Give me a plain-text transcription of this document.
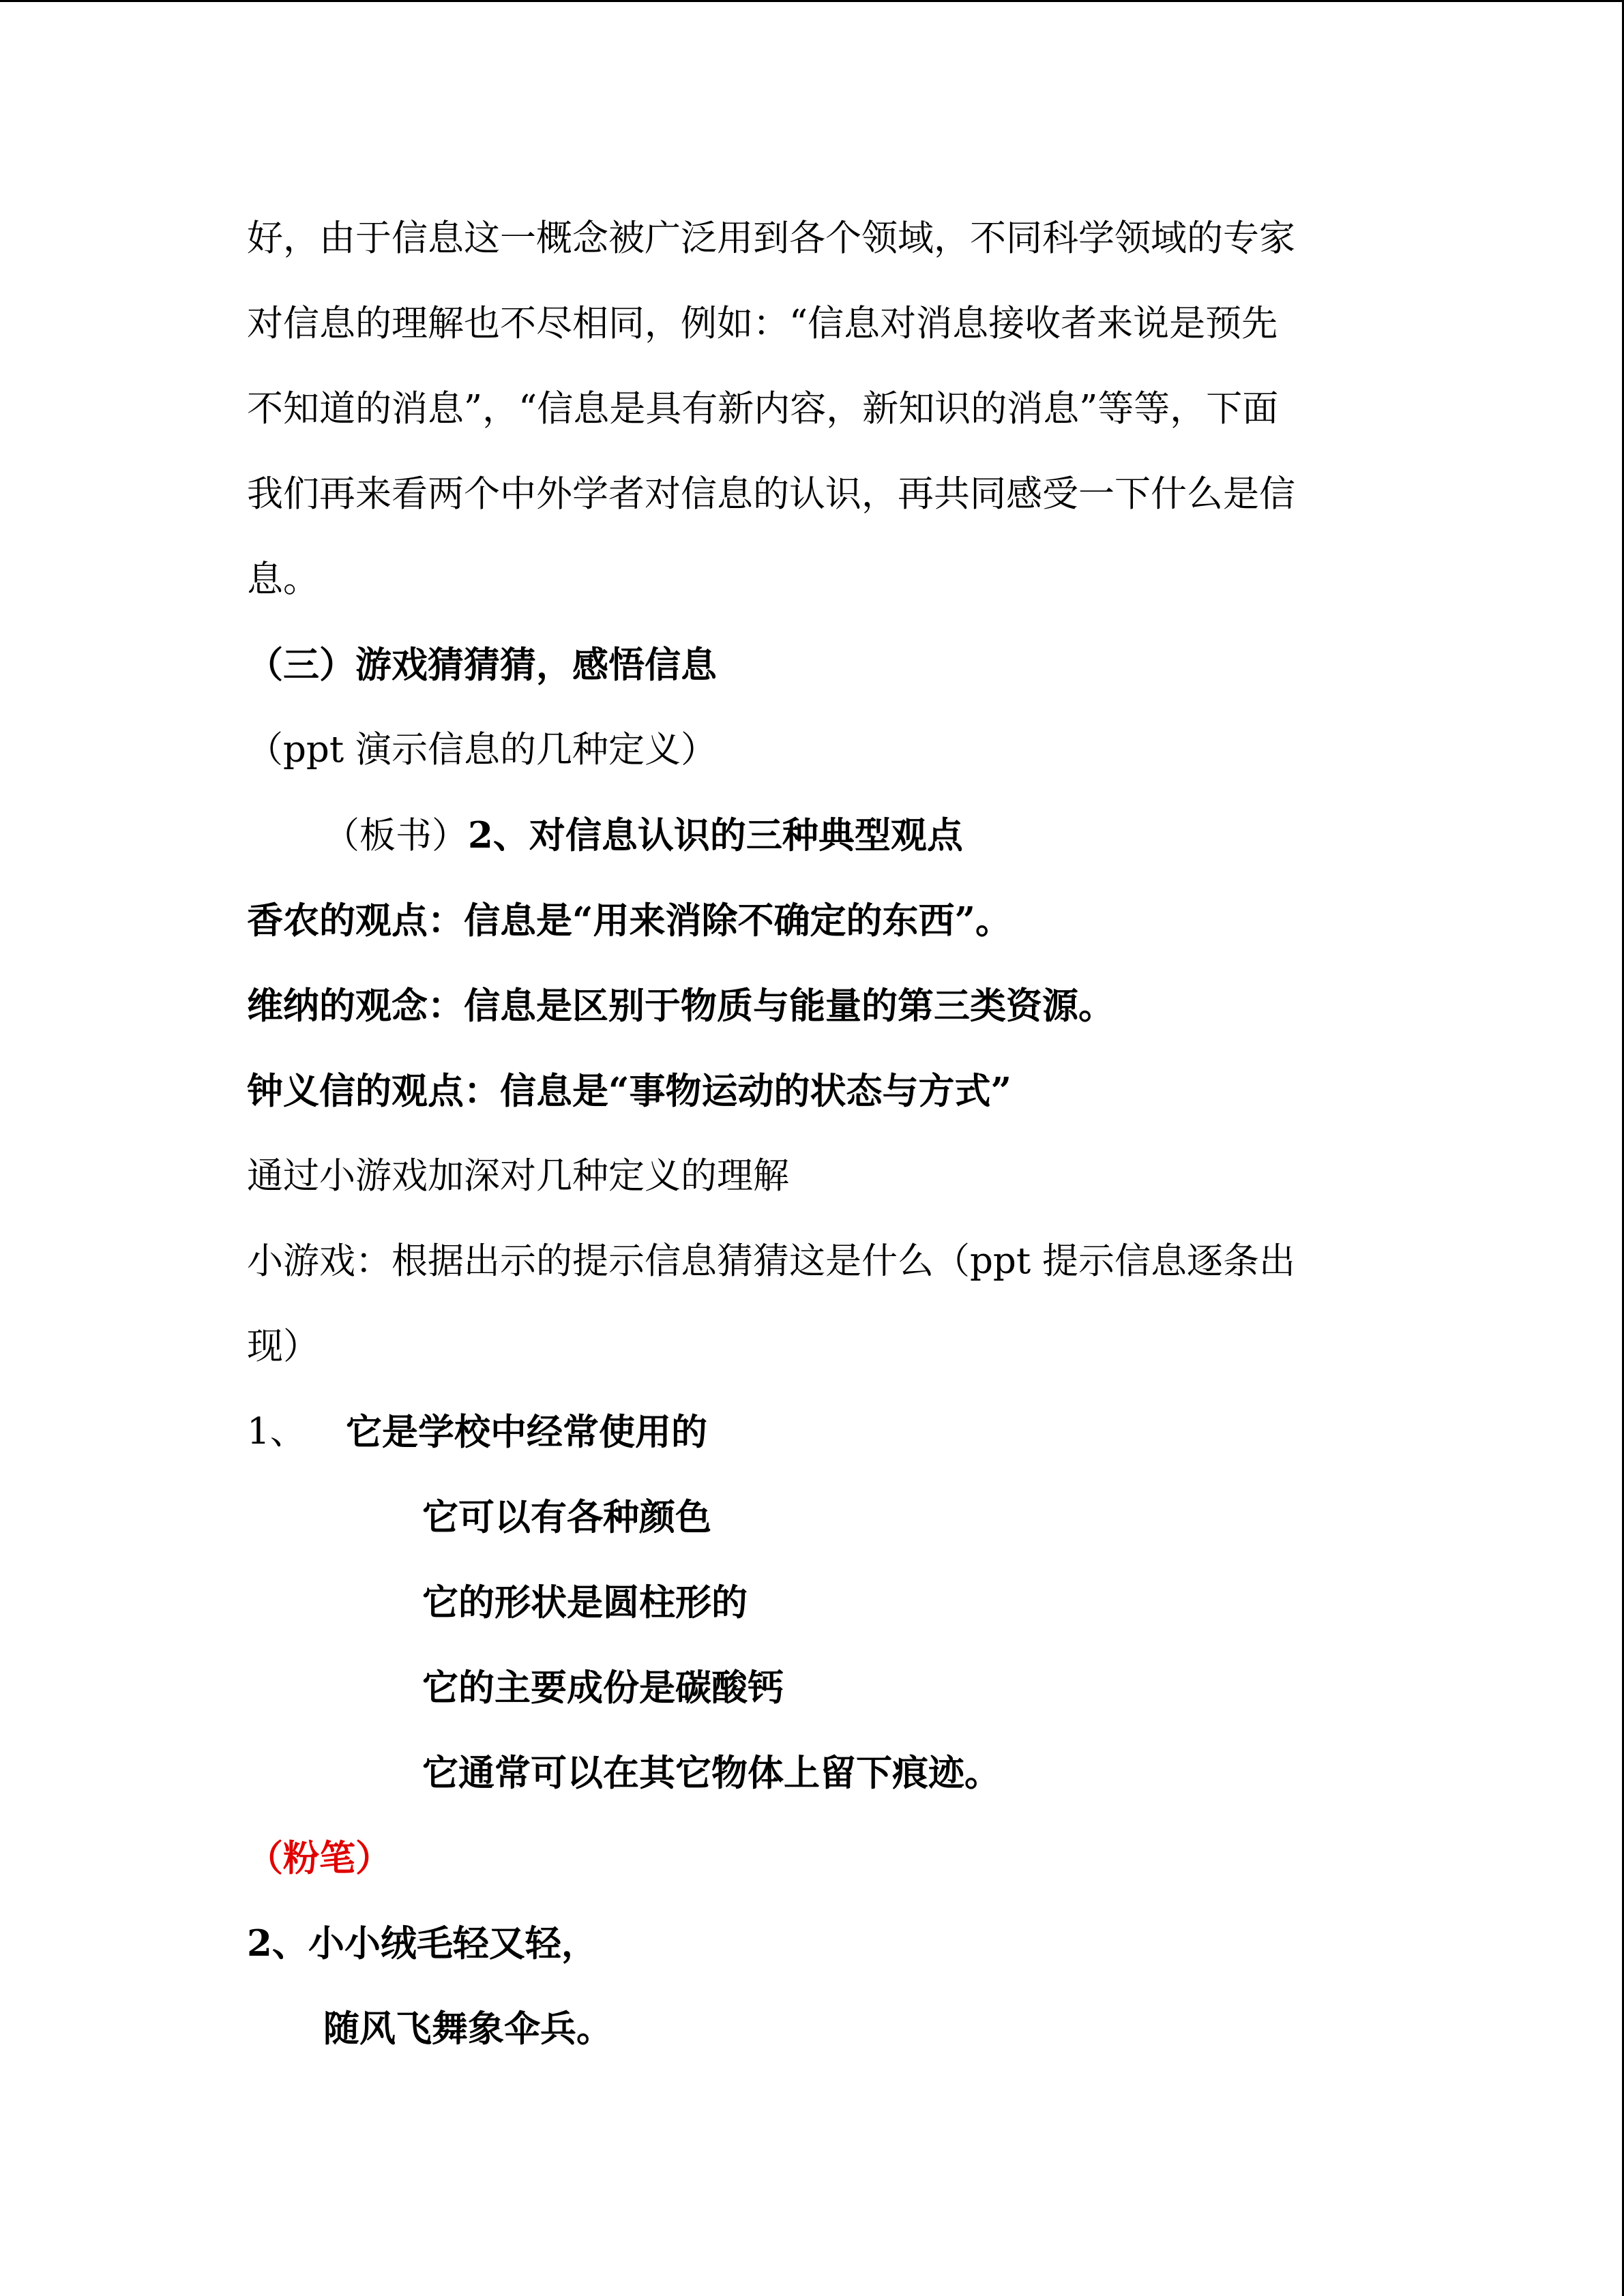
好，由于信息这一概念被广泛用到各个领域，不同科学领域的专家
对信息的理解也不尽相同，例如：“信息对消息接收者来说是预先
不知道的消息”，“信息是具有新内容，新知识的消息”等等，下面
我们再来看两个中外学者对信息的认识，再共同感受一下什么是信
息。
（三）游戏猜猜猜，感悟信息
（ppt 演示信息的几种定义）
（板书）2、对信息认识的三种典型观点
香农的观点：信息是“用来消除不确定的东西”。
维纳的观念：信息是区别于物质与能量的第三类资源。
钟义信的观点：信息是“事物运动的状态与方式”
通过小游戏加深对几种定义的理解
小游戏：根据出示的提示信息猜猜这是什么（ppt 提示信息逐条出
现）
1、 它是学校中经常使用的
它可以有各种颜色
它的形状是圆柱形的
它的主要成份是碳酸钙
它通常可以在其它物体上留下痕迹。
（粉笔）
2、小小绒毛轻又轻，
随风飞舞象伞兵。
